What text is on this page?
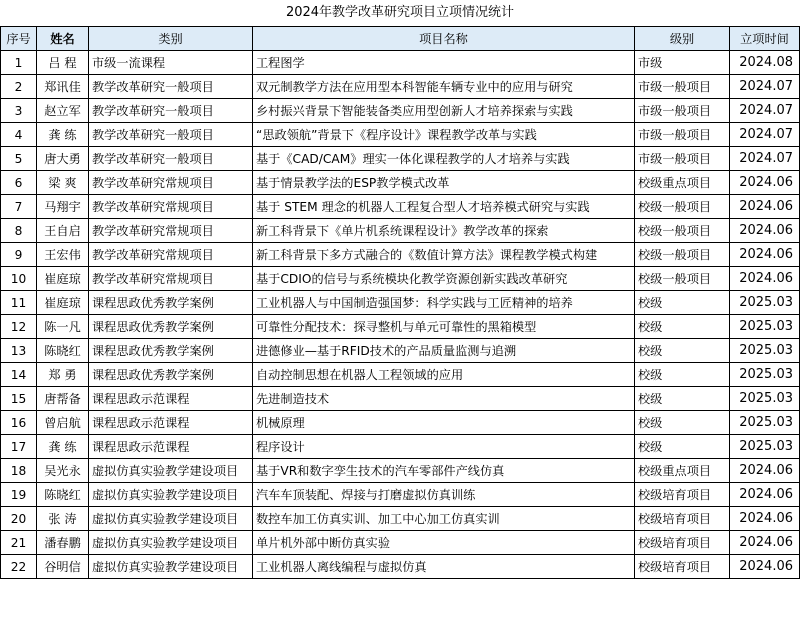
2024年教学改革研究项目立项情况统计
序号	姓名	类别	项目名称	级别	立项时间
1	吕 程	市级一流课程	工程图学	市级	2024.08
2	郑讯佳	教学改革研究一般项目	双元制教学方法在应用型本科智能车辆专业中的应用与研究	市级一般项目	2024.07
3	赵立军	教学改革研究一般项目	乡村振兴背景下智能装备类应用型创新人才培养探索与实践	市级一般项目	2024.07
4	龚 练	教学改革研究一般项目	“思政领航”背景下《程序设计》课程教学改革与实践	市级一般项目	2024.07
5	唐大勇	教学改革研究一般项目	基于《CAD/CAM》理实一体化课程教学的人才培养与实践	市级一般项目	2024.07
6	梁 爽	教学改革研究常规项目	基于情景教学法的ESP教学模式改革	校级重点项目	2024.06
7	马翔宇	教学改革研究常规项目	基于 STEM 理念的机器人工程复合型人才培养模式研究与实践	校级一般项目	2024.06
8	王自启	教学改革研究常规项目	新工科背景下《单片机系统课程设计》教学改革的探索	校级一般项目	2024.06
9	王宏伟	教学改革研究常规项目	新工科背景下多方式融合的《数值计算方法》课程教学模式构建	校级一般项目	2024.06
10	崔庭琼	教学改革研究常规项目	基于CDIO的信号与系统模块化教学资源创新实践改革研究	校级一般项目	2024.06
11	崔庭琼	课程思政优秀教学案例	工业机器人与中国制造强国梦：科学实践与工匠精神的培养	校级	2025.03
12	陈一凡	课程思政优秀教学案例	可靠性分配技术：探寻整机与单元可靠性的黑箱模型	校级	2025.03
13	陈晓红	课程思政优秀教学案例	进德修业—基于RFID技术的产品质量监测与追溯	校级	2025.03
14	郑 勇	课程思政优秀教学案例	自动控制思想在机器人工程领域的应用	校级	2025.03
15	唐帮备	课程思政示范课程	先进制造技术	校级	2025.03
16	曾启航	课程思政示范课程	机械原理	校级	2025.03
17	龚 练	课程思政示范课程	程序设计	校级	2025.03
18	吴光永	虚拟仿真实验教学建设项目	基于VR和数字孪生技术的汽车零部件产线仿真	校级重点项目	2024.06
19	陈晓红	虚拟仿真实验教学建设项目	汽车车顶装配、焊接与打磨虚拟仿真训练	校级培育项目	2024.06
20	张 涛	虚拟仿真实验教学建设项目	数控车加工仿真实训、加工中心加工仿真实训	校级培育项目	2024.06
21	潘春鹏	虚拟仿真实验教学建设项目	单片机外部中断仿真实验	校级培育项目	2024.06
22	谷明信	虚拟仿真实验教学建设项目	工业机器人离线编程与虚拟仿真	校级培育项目	2024.06
